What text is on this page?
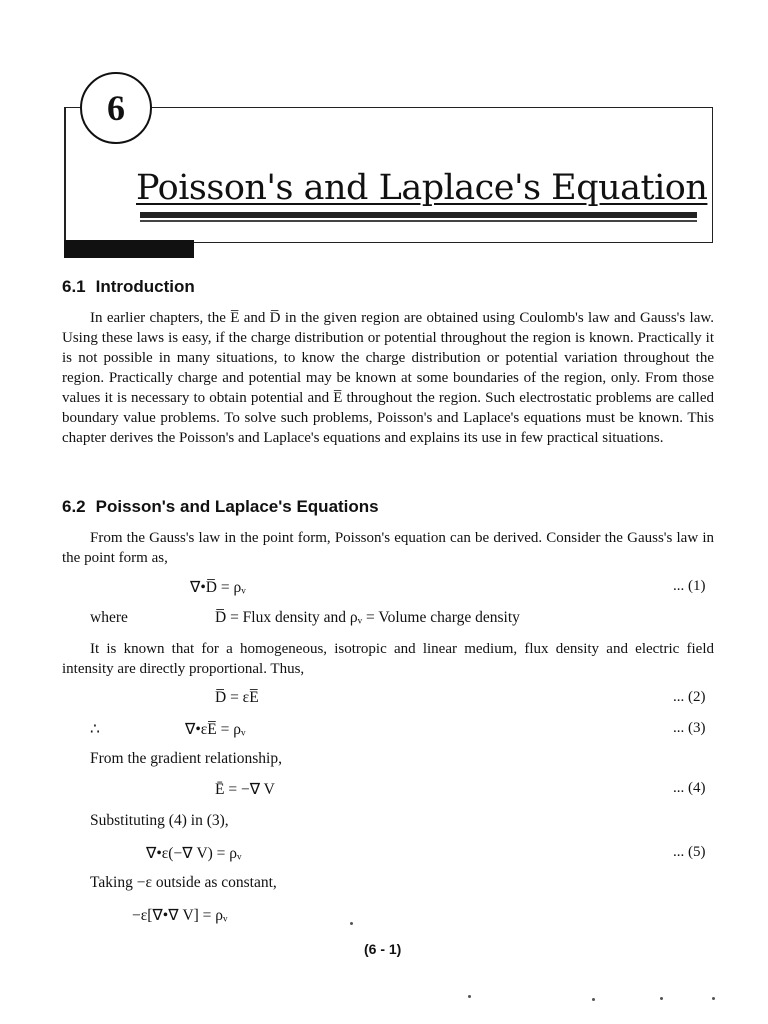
6
Poisson's and Laplace's Equation
6.1 Introduction

In earlier chapters, the E̅ and D̅ in the given region are obtained using Coulomb's law and Gauss's law. Using these laws is easy, if the charge distribution or potential throughout the region is known. Practically it is not possible in many situations, to know the charge distribution or potential variation throughout the region. Practically charge and potential may be known at some boundaries of the region, only. From those values it is necessary to obtain potential and E̅ throughout the region. Such electrostatic problems are called boundary value problems. To solve such problems, Poisson's and Laplace's equations must be known. This chapter derives the Poisson's and Laplace's equations and explains its use in few practical situations.

6.2 Poisson's and Laplace's Equations

From the Gauss's law in the point form, Poisson's equation can be derived. Consider the Gauss's law in the point form as,

∇•D̅ = ρᵥ	... (1)
where	D̅ = Flux density and ρᵥ = Volume charge density

It is known that for a homogeneous, isotropic and linear medium, flux density and electric field intensity are directly proportional. Thus,

D̅ = εE̅	... (2)
∴	∇•εE̅ = ρᵥ	... (3)
From the gradient relationship,
Ē = −∇ V	... (4)
Substituting (4) in (3),
∇•ε(−∇ V) = ρᵥ	... (5)
Taking −ε outside as constant,
−ε[∇•∇ V] = ρᵥ
(6 - 1)
